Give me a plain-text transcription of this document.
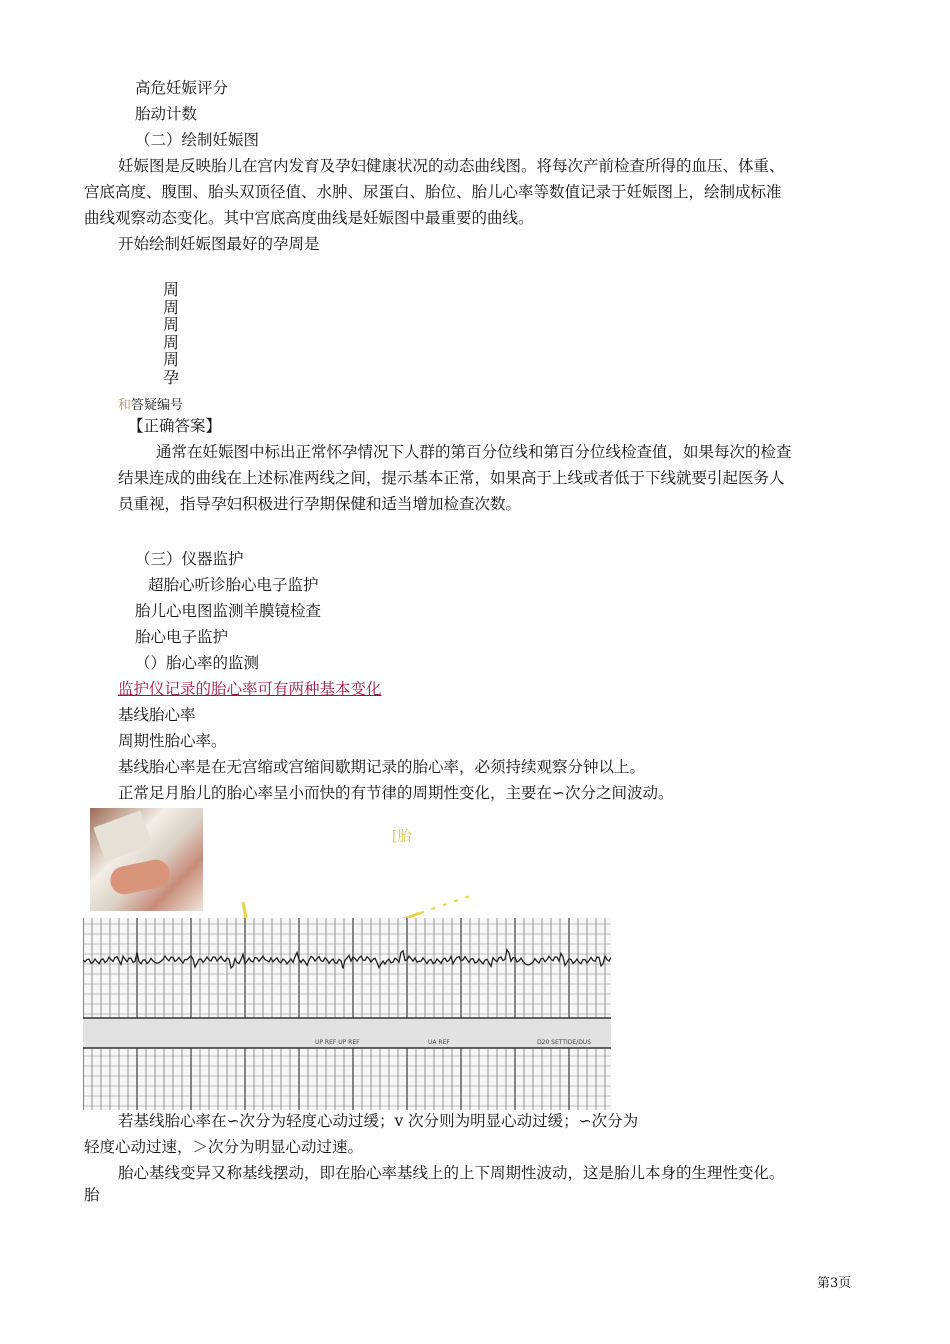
高危妊娠评分
胎动计数
（二）绘制妊娠图
妊娠图是反映胎儿在宫内发育及孕妇健康状况的动态曲线图。将每次产前检查所得的血压、体重、
宫底高度、腹围、胎头双顶径值、水肿、尿蛋白、胎位、胎儿心率等数值记录于妊娠图上，绘制成标准
曲线观察动态变化。其中宫底高度曲线是妊娠图中最重要的曲线。
开始绘制妊娠图最好的孕周是
周
周
周
周
周
孕
和答疑编号
【正确答案】
通常在妊娠图中标出正常怀孕情况下人群的第百分位线和第百分位线检查值，如果每次的检查
结果连成的曲线在上述标准两线之间，提示基本正常，如果高于上线或者低于下线就要引起医务人
员重视，指导孕妇积极进行孕期保健和适当增加检查次数。
（三）仪器监护
超胎心听诊胎心电子监护
胎儿心电图监测羊膜镜检查
胎心电子监护
（）胎心率的监测
监护仪记录的胎心率可有两种基本变化
基线胎心率
周期性胎心率。
基线胎心率是在无宫缩或宫缩间歇期记录的胎心率，必须持续观察分钟以上。
正常足月胎儿的胎心率呈小而快的有节律的周期性变化，主要在∽次分之间波动。
[胎
UP REF UP REF	UA REF	D20 SETTIDE/DUS
若基线胎心率在∽次分为轻度心动过缓；v 次分则为明显心动过缓；∽次分为
轻度心动过速，＞次分为明显心动过速。
胎心基线变异又称基线摆动，即在胎心率基线上的上下周期性波动，这是胎儿本身的生理性变化。
胎
第3页
